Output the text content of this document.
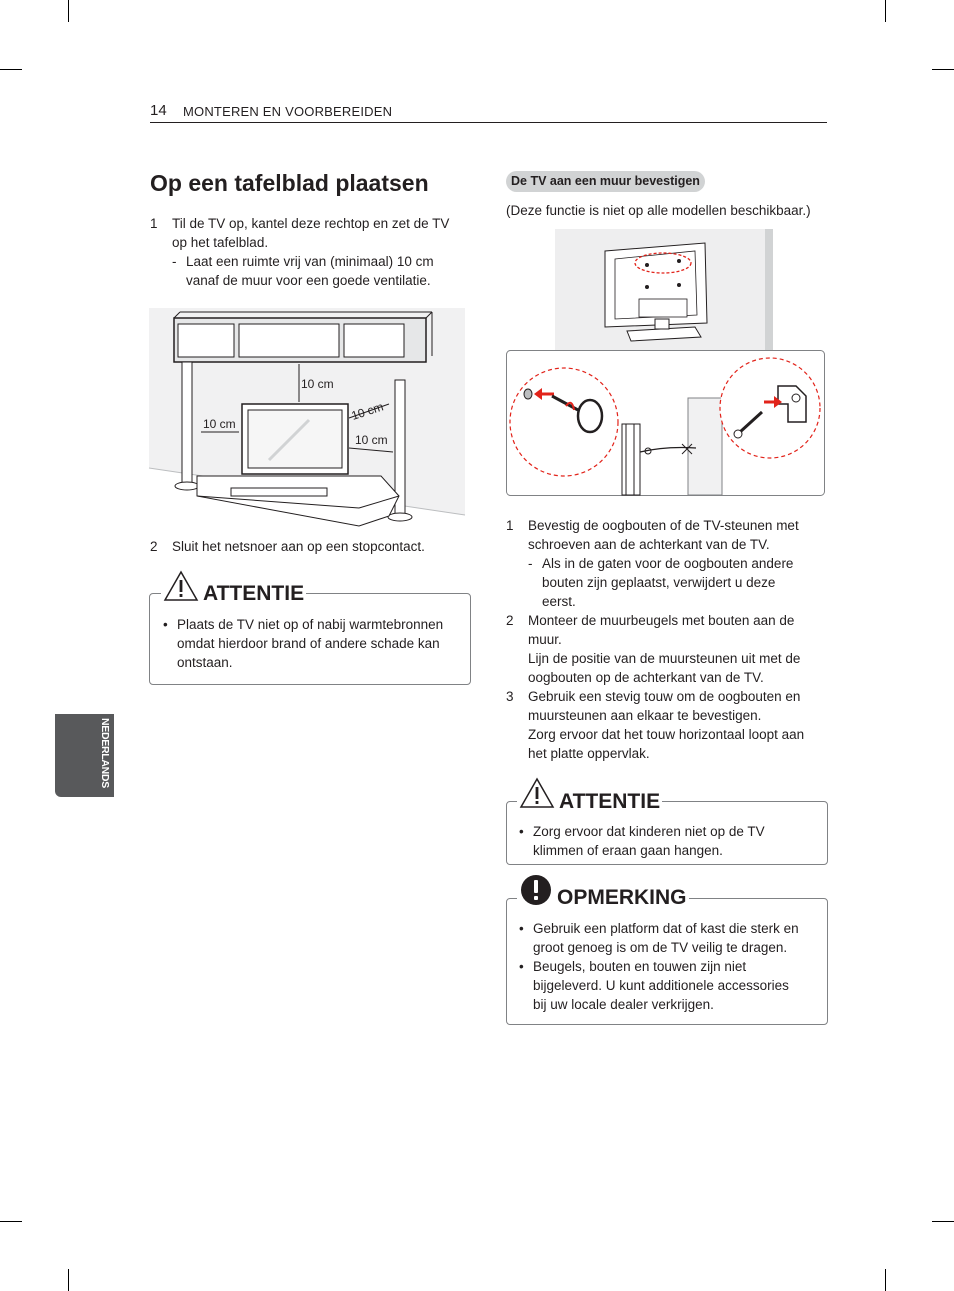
14 MONTEREN EN VOORBEREIDEN
NEDERLANDS
Op een tafelblad plaatsen
1 Til de TV op, kantel deze rechtop en zet de TV
op het tafelblad.
- Laat een ruimte vrij van (minimaal) 10 cm
vanaf de muur voor een goede ventilatie.
10 cm
10 cm
10 cm
10 cm
2 Sluit het netsnoer aan op een stopcontact.
ATTENTIE
• Plaats de TV niet op of nabij warmtebronnen
omdat hierdoor brand of andere schade kan
ontstaan.
De TV aan een muur bevestigen
(Deze functie is niet op alle modellen beschikbaar.)
1 Bevestig de oogbouten of de TV-steunen met
schroeven aan de achterkant van de TV.
- Als in de gaten voor de oogbouten andere
bouten zijn geplaatst, verwijdert u deze
eerst.
2 Monteer de muurbeugels met bouten aan de
muur.
Lijn de positie van de muursteunen uit met de
oogbouten op de achterkant van de TV.
3 Gebruik een stevig touw om de oogbouten en
muursteunen aan elkaar te bevestigen.
Zorg ervoor dat het touw horizontaal loopt aan
het platte oppervlak.
ATTENTIE
• Zorg ervoor dat kinderen niet op de TV
klimmen of eraan gaan hangen.
OPMERKING
• Gebruik een platform dat of kast die sterk en
groot genoeg is om de TV veilig te dragen.
• Beugels, bouten en touwen zijn niet
bijgeleverd. U kunt additionele accessories
bij uw locale dealer verkrijgen.
